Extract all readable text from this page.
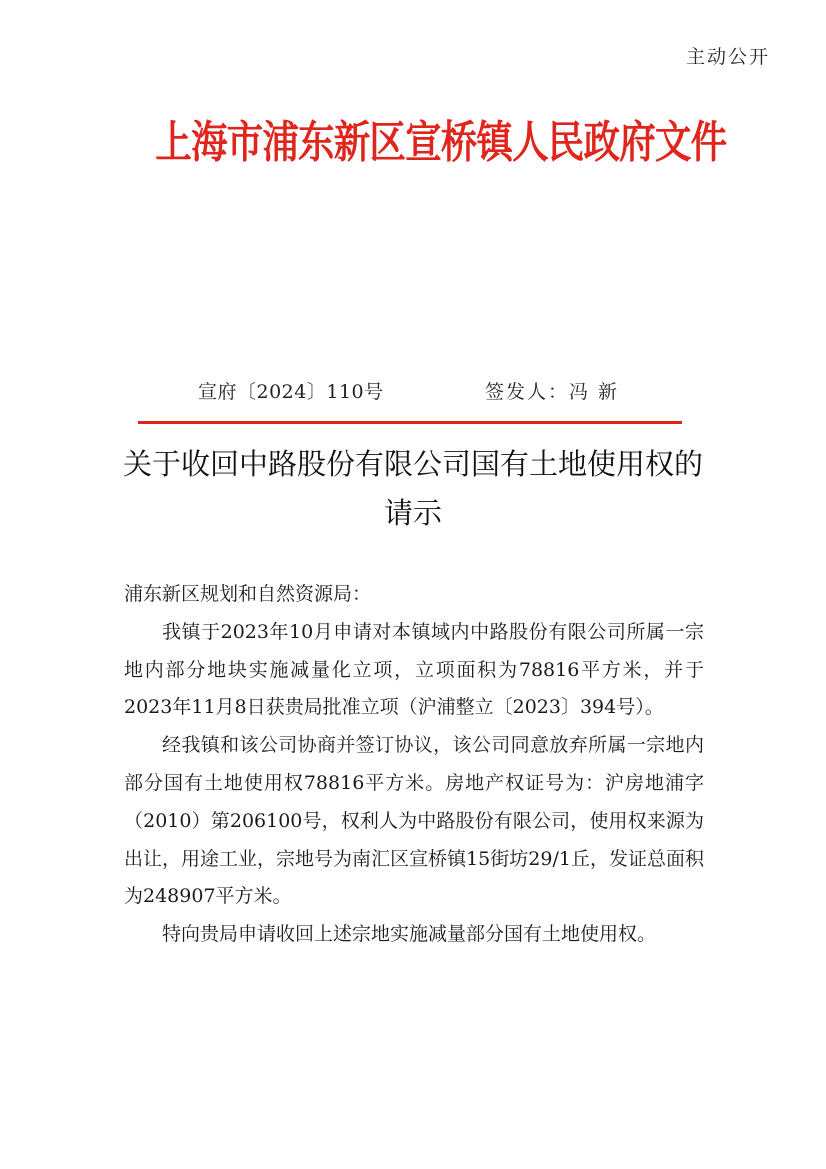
主动公开
上海市浦东新区宣桥镇人民政府文件
宣府〔2024〕110号	签发人：冯 新
关于收回中路股份有限公司国有土地使用权的请示

浦东新区规划和自然资源局：

我镇于2023年10月申请对本镇域内中路股份有限公司所属一宗地内部分地块实施减量化立项，立项面积为78816平方米，并于2023年11月8日获贵局批准立项（沪浦整立〔2023〕394号）。

经我镇和该公司协商并签订协议，该公司同意放弃所属一宗地内部分国有土地使用权78816平方米。房地产权证号为：沪房地浦字（2010）第206100号，权利人为中路股份有限公司，使用权来源为出让，用途工业，宗地号为南汇区宣桥镇15街坊29/1丘，发证总面积为248907平方米。

特向贵局申请收回上述宗地实施减量部分国有土地使用权。
